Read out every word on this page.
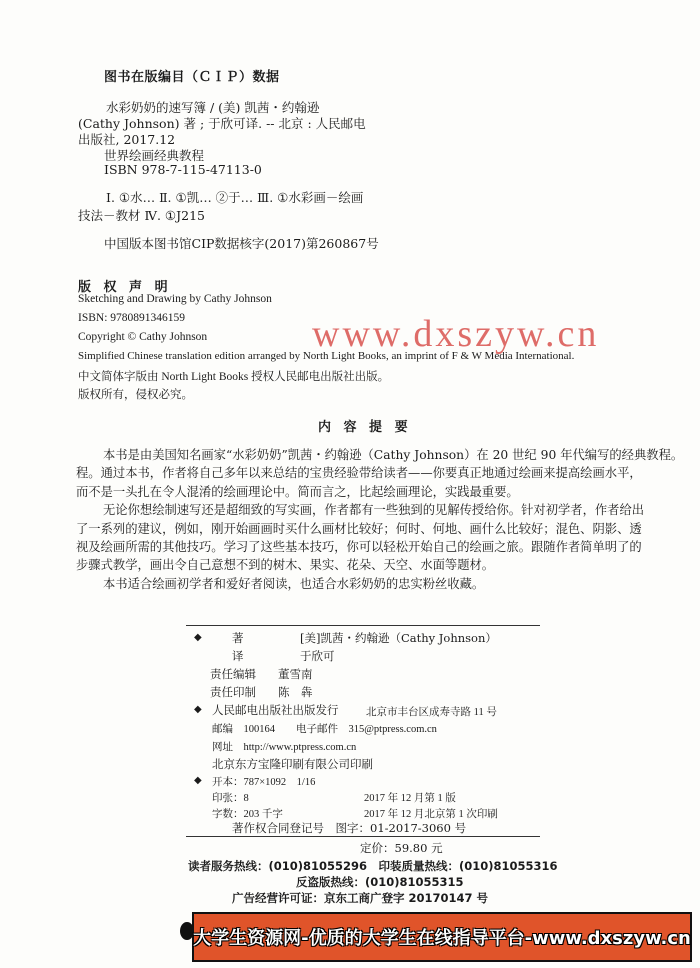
图书在版编目（ＣＩＰ）数据
水彩奶奶的速写簿 / (美) 凯茜・约翰逊
(Cathy Johnson) 著 ; 于欣可译. -- 北京 : 人民邮电
出版社, 2017.12
世界绘画经典教程
ISBN 978-7-115-47113-0
Ⅰ. ①水… Ⅱ. ①凯… ②于… Ⅲ. ①水彩画－绘画
技法－教材 Ⅳ. ①J215
中国版本图书馆CIP数据核字(2017)第260867号
版 权 声 明
Sketching and Drawing by Cathy Johnson
ISBN: 9780891346159
Copyright © Cathy Johnson
Simplified Chinese translation edition arranged by North Light Books, an imprint of F & W Media International.
中文简体字版由 North Light Books 授权人民邮电出版社出版。
版权所有，侵权必究。
www.dxszyw.cn
内 容 提 要
本书是由美国知名画家“水彩奶奶”凯茜・约翰逊（Cathy Johnson）在 20 世纪 90 年代编写的经典教程。
程。通过本书，作者将自己多年以来总结的宝贵经验带给读者——你要真正地通过绘画来提高绘画水平，
而不是一头扎在令人混淆的绘画理论中。简而言之，比起绘画理论，实践最重要。
无论你想绘制速写还是超细致的写实画，作者都有一些独到的见解传授给你。针对初学者，作者给出
了一系列的建议，例如，刚开始画画时买什么画材比较好；何时、何地、画什么比较好；混色、阴影、透
视及绘画所需的其他技巧。学习了这些基本技巧，你可以轻松开始自己的绘画之旅。跟随作者简单明了的
步骤式教学，画出令自己意想不到的树木、果实、花朵、天空、水面等题材。
本书适合绘画初学者和爱好者阅读，也适合水彩奶奶的忠实粉丝收藏。
◆	著	[美]凯茜・约翰逊（Cathy Johnson）
译	于欣可
责任编辑 董雪南
责任印制 陈　犇
◆ 人民邮电出版社出版发行	北京市丰台区成寿寺路 11 号
邮编　100164　　电子邮件　315@ptpress.com.cn
网址　http://www.ptpress.com.cn
北京东方宝隆印刷有限公司印刷
◆ 开本：787×1092　1/16
印张：8	2017 年 12 月第 1 版
字数：203 千字	2017 年 12 月北京第 1 次印刷
著作权合同登记号　图字：01-2017-3060 号
定价：59.80 元
读者服务热线：(010)81055296　印装质量热线：(010)81055316
反盗版热线：(010)81055315
广告经营许可证：京东工商广登字 20170147 号
大学生资源网-优质的大学生在线指导平台-www.dxszyw.cn
